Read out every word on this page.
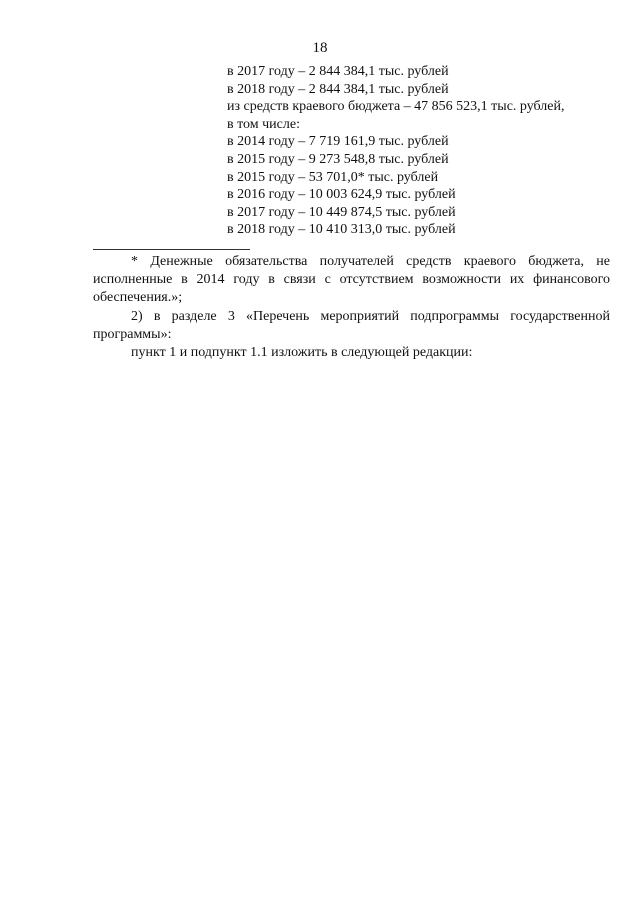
18
в 2017 году – 2 844 384,1 тыс. рублей
в 2018 году – 2 844 384,1 тыс. рублей
из средств краевого бюджета – 47 856 523,1 тыс. рублей,
в том числе:
в 2014 году – 7 719 161,9 тыс. рублей
в 2015 году – 9 273 548,8 тыс. рублей
в 2015 году – 53 701,0* тыс. рублей
в 2016 году – 10 003 624,9 тыс. рублей
в 2017 году – 10 449 874,5 тыс. рублей
в 2018 году – 10 410 313,0 тыс. рублей
* Денежные обязательства получателей средств краевого бюджета, не исполненные в 2014 году в связи с отсутствием возможности их финансового обеспечения.»;
2) в разделе 3 «Перечень мероприятий подпрограммы государственной программы»:
пункт 1 и подпункт 1.1 изложить в следующей редакции:
